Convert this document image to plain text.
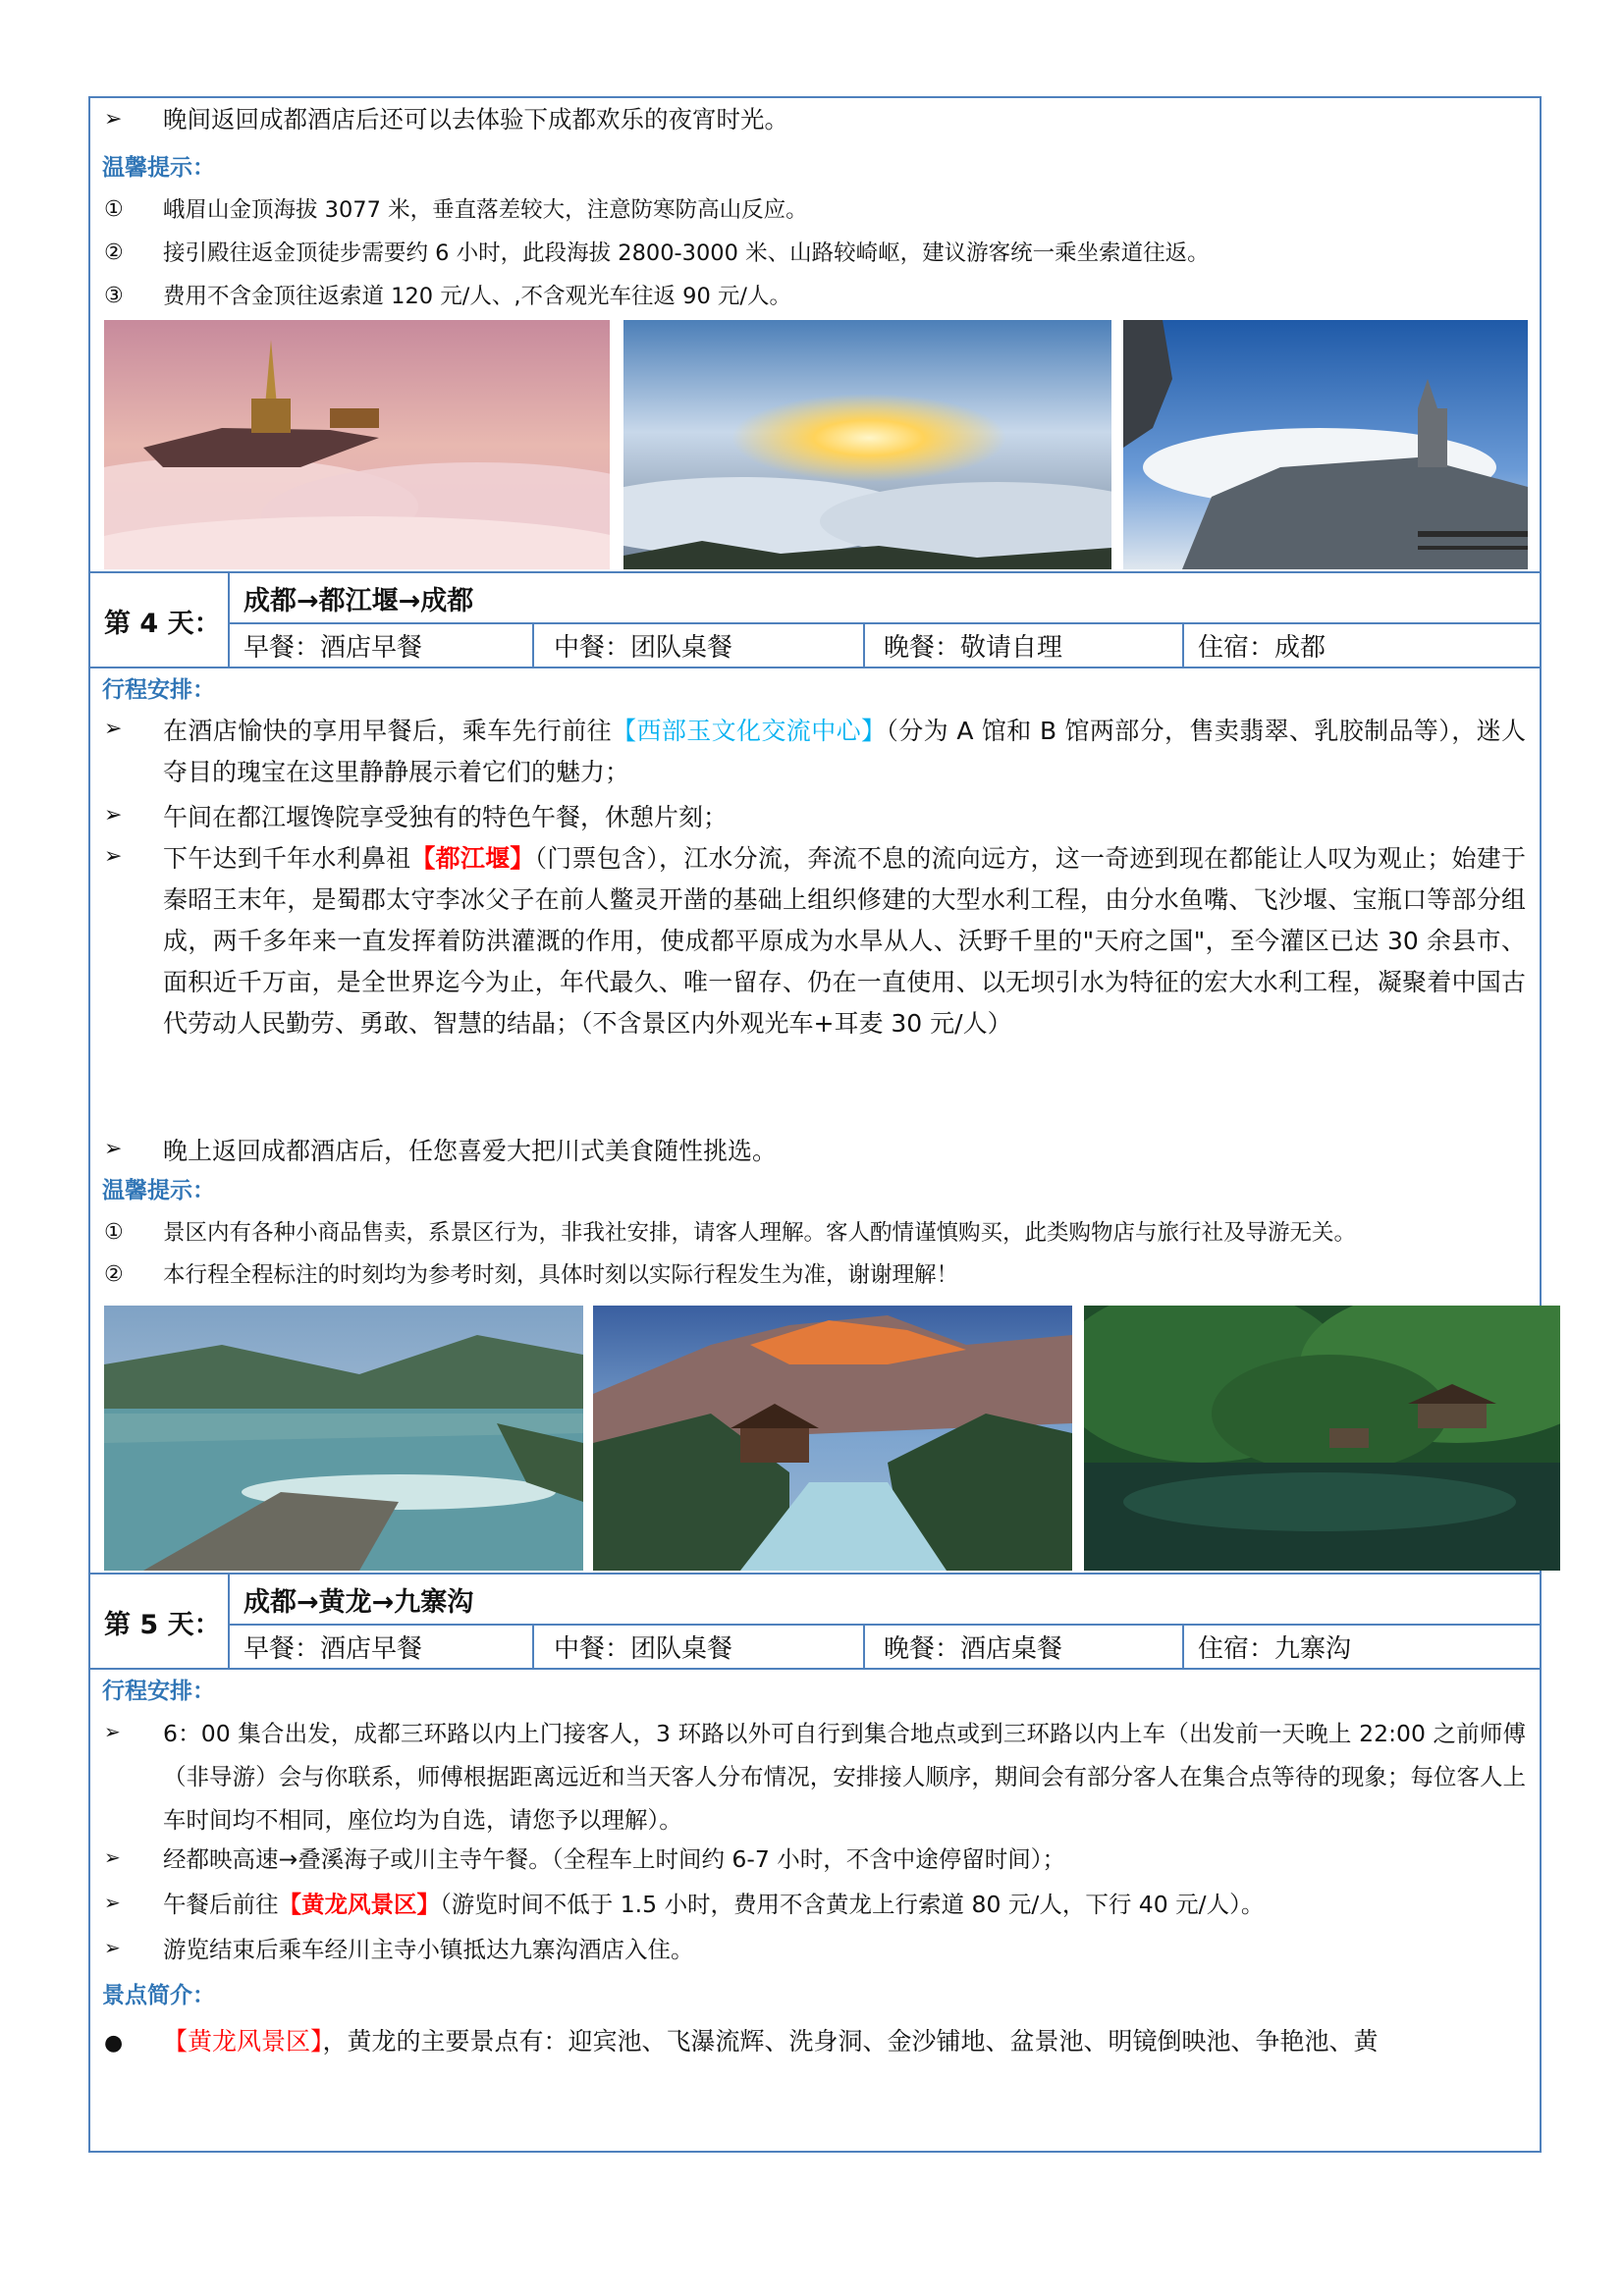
➢ 晚间返回成都酒店后还可以去体验下成都欢乐的夜宵时光。
温馨提示：
① 峨眉山金顶海拔 3077 米，垂直落差较大，注意防寒防高山反应。
② 接引殿往返金顶徒步需要约 6 小时，此段海拔 2800-3000 米、山路较崎岖，建议游客统一乘坐索道往返。
③ 费用不含金顶往返索道 120 元/人、,不含观光车往返 90 元/人。
第 4 天：
成都→都江堰→成都
早餐：酒店早餐	中餐：团队桌餐	晚餐：敬请自理	住宿：成都
行程安排：
➢ 在酒店愉快的享用早餐后，乘车先行前往【西部玉文化交流中心】（分为 A 馆和 B 馆两部分，售卖翡翠、乳胶制品等），迷人夺目的瑰宝在这里静静展示着它们的魅力；
➢ 午间在都江堰馋院享受独有的特色午餐，休憩片刻；
➢ 下午达到千年水利鼻祖【都江堰】（门票包含），江水分流，奔流不息的流向远方，这一奇迹到现在都能让人叹为观止；始建于秦昭王末年，是蜀郡太守李冰父子在前人鳖灵开凿的基础上组织修建的大型水利工程，由分水鱼嘴、飞沙堰、宝瓶口等部分组成，两千多年来一直发挥着防洪灌溉的作用，使成都平原成为水旱从人、沃野千里的"天府之国"，至今灌区已达 30 余县市、面积近千万亩，是全世界迄今为止，年代最久、唯一留存、仍在一直使用、以无坝引水为特征的宏大水利工程，凝聚着中国古代劳动人民勤劳、勇敢、智慧的结晶；（不含景区内外观光车+耳麦 30 元/人）
➢ 晚上返回成都酒店后，任您喜爱大把川式美食随性挑选。
温馨提示：
① 景区内有各种小商品售卖，系景区行为，非我社安排，请客人理解。客人酌情谨慎购买，此类购物店与旅行社及导游无关。
② 本行程全程标注的时刻均为参考时刻，具体时刻以实际行程发生为准，谢谢理解！
第 5 天：
成都→黄龙→九寨沟
早餐：酒店早餐	中餐：团队桌餐	晚餐：酒店桌餐	住宿：九寨沟
行程安排：
➢ 6：00 集合出发，成都三环路以内上门接客人，3 环路以外可自行到集合地点或到三环路以内上车（出发前一天晚上 22:00 之前师傅（非导游）会与你联系，师傅根据距离远近和当天客人分布情况，安排接人顺序，期间会有部分客人在集合点等待的现象；每位客人上车时间均不相同，座位均为自选，请您予以理解）。
➢ 经都映高速→叠溪海子或川主寺午餐。（全程车上时间约 6-7 小时，不含中途停留时间）；
➢ 午餐后前往【黄龙风景区】（游览时间不低于 1.5 小时，费用不含黄龙上行索道 80 元/人，下行 40 元/人）。
➢ 游览结束后乘车经川主寺小镇抵达九寨沟酒店入住。
景点简介：
● 【黄龙风景区】，黄龙的主要景点有：迎宾池、飞瀑流辉、洗身洞、金沙铺地、盆景池、明镜倒映池、争艳池、黄
